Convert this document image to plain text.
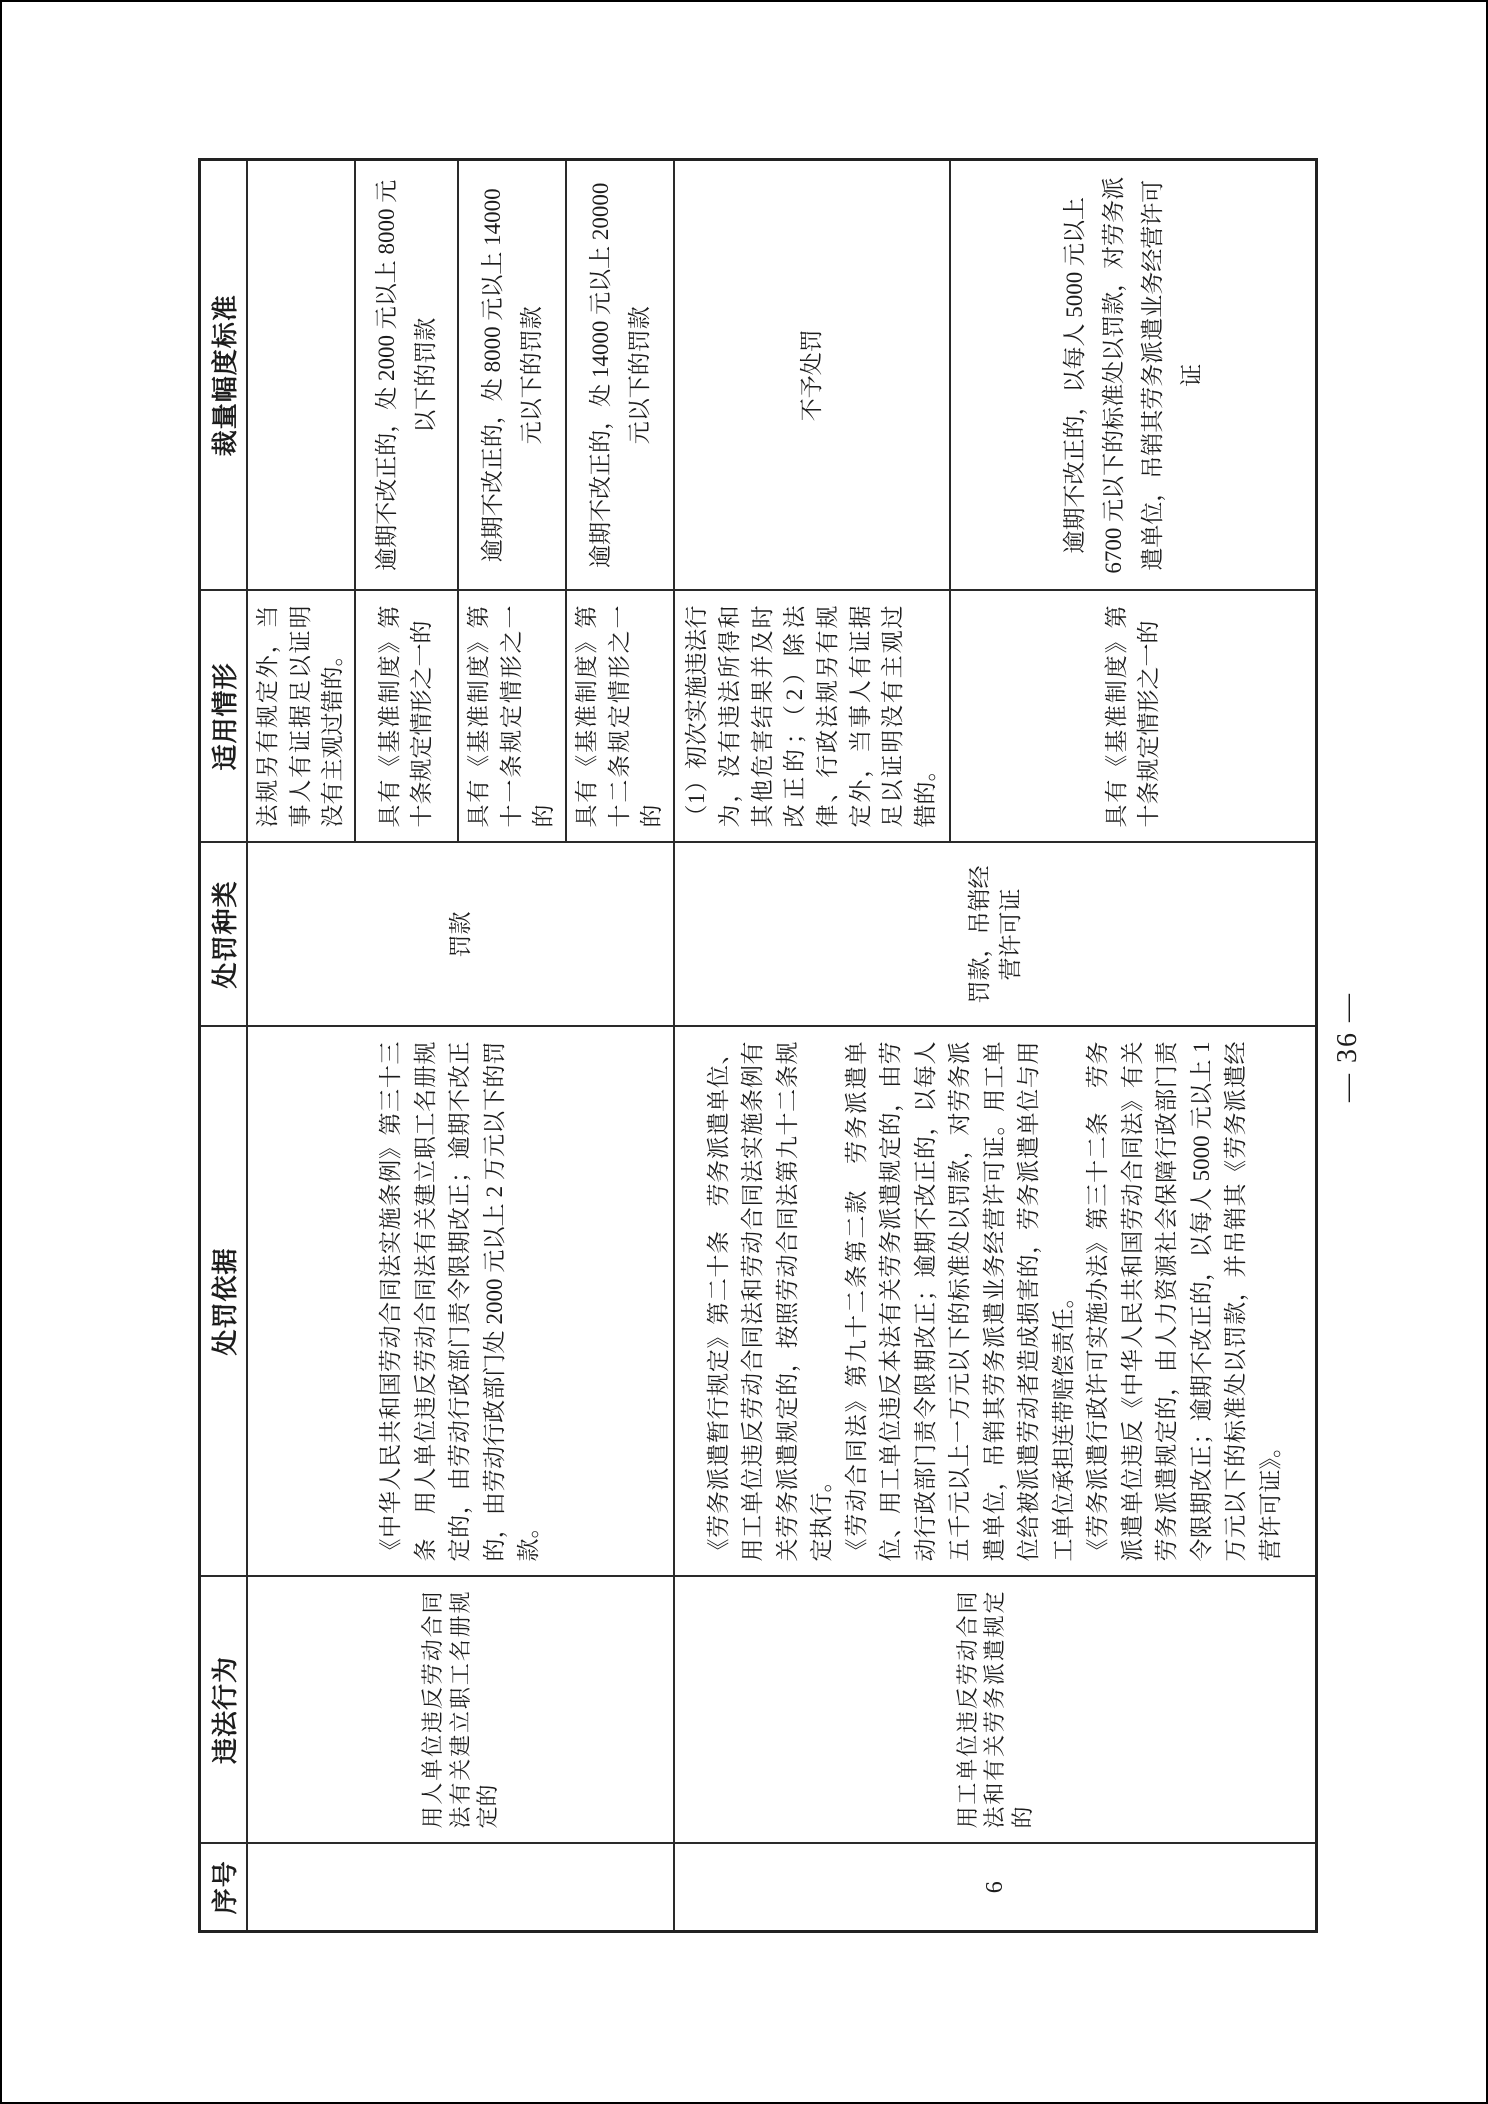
序号	违法行为	处罚依据	处罚种类	适用情形	裁量幅度标准
	用人单位违反劳动合同法有关建立职工名册规定的	《中华人民共和国劳动合同法实施条例》第三十三条　用人单位违反劳动合同法有关建立职工名册规定的，由劳动行政部门责令限期改正；逾期不改正的，由劳动行政部门处 2000 元以上 2 万元以下的罚款。	罚款	法规另有规定外，当事人有证据足以证明没有主观过错的。	
				具有《基准制度》第十条规定情形之一的	逾期不改正的，处 2000 元以上 8000 元以下的罚款
				具有《基准制度》第十一条规定情形之一的	逾期不改正的，处 8000 元以上 14000 元以下的罚款
				具有《基准制度》第十二条规定情形之一的	逾期不改正的，处 14000 元以上 20000 元以下的罚款
6	用工单位违反劳动合同法和有关劳务派遣规定的	《劳务派遣暂行规定》第二十条　劳务派遣单位、用工单位违反劳动合同法和劳动合同法实施条例有关劳务派遣规定的，按照劳动合同法第九十二条规定执行。 《劳动合同法》第九十二条第二款　劳务派遣单位、用工单位违反本法有关劳务派遣规定的，由劳动行政部门责令限期改正；逾期不改正的，以每人五千元以上一万元以下的标准处以罚款，对劳务派遣单位，吊销其劳务派遣业务经营许可证。用工单位给被派遣劳动者造成损害的，劳务派遣单位与用工单位承担连带赔偿责任。 《劳务派遣行政许可实施办法》第三十二条　劳务派遣单位违反《中华人民共和国劳动合同法》有关劳务派遣规定的，由人力资源社会保障行政部门责令限期改正；逾期不改正的，以每人 5000 元以上 1 万元以下的标准处以罚款，并吊销其《劳务派遣经营许可证》。	罚款，吊销经营许可证	（1）初次实施违法行为，没有违法所得和其他危害结果并及时改正的；（2）除法律、行政法规另有规定外，当事人有证据足以证明没有主观过错的。	不予处罚
				具有《基准制度》第十条规定情形之一的	逾期不改正的，以每人 5000 元以上 6700 元以下的标准处以罚款，对劳务派遣单位，吊销其劳务派遣业务经营许可证
— 36 —
